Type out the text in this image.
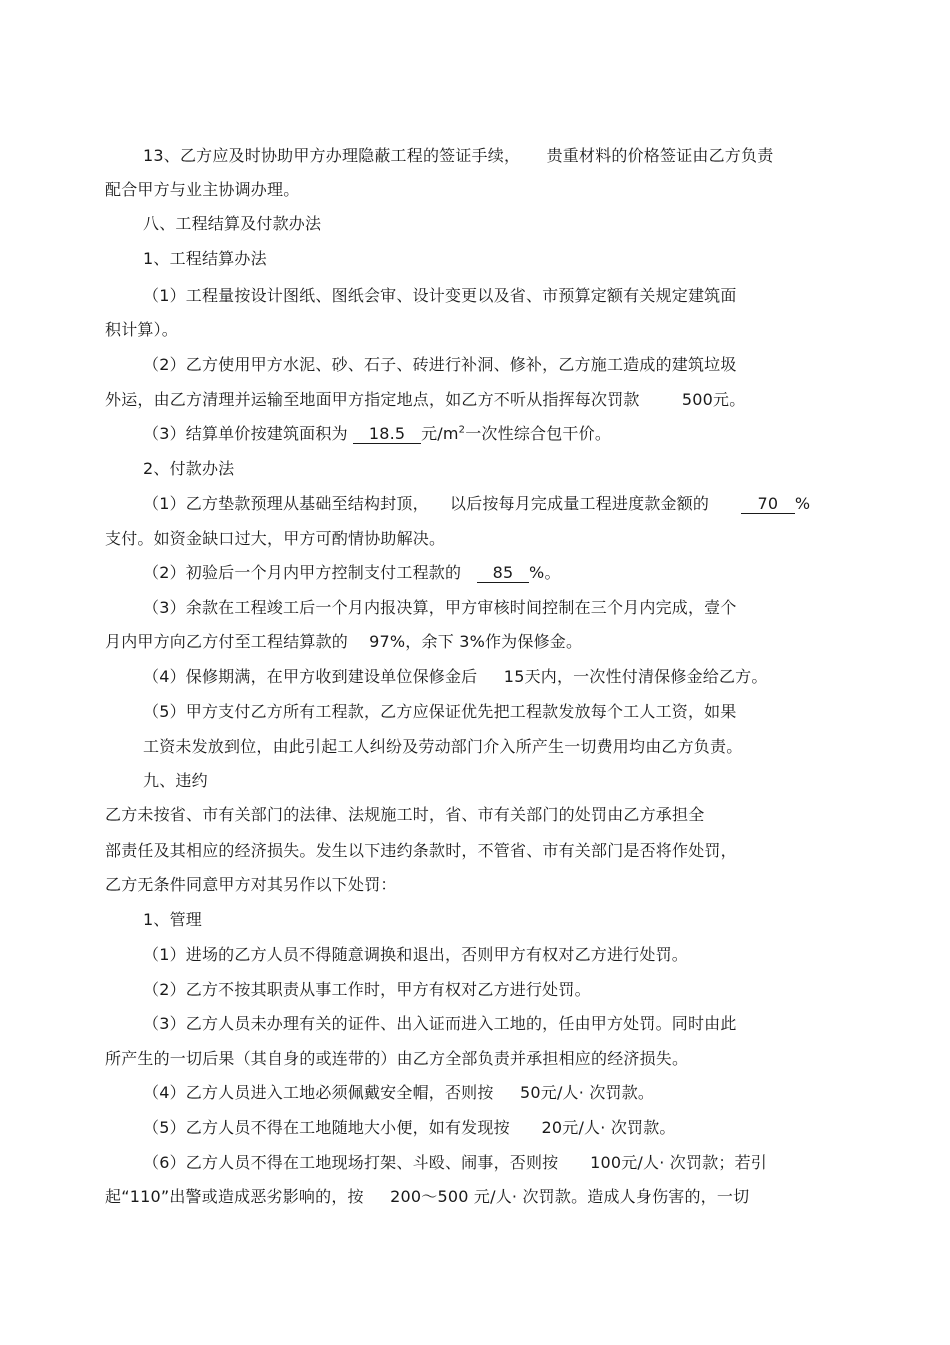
13、乙方应及时协助甲方办理隐蔽工程的签证手续，     贵重材料的价格签证由乙方负责
配合甲方与业主协调办理。
八、工程结算及付款办法
1、工程结算办法
（1）工程量按设计图纸、图纸会审、设计变更以及省、市预算定额有关规定建筑面
积计算）。
（2）乙方使用甲方水泥、砂、石子、砖进行补洞、修补，乙方施工造成的建筑垃圾
外运，由乙方清理并运输至地面甲方指定地点，如乙方不听从指挥每次罚款        500元。
（3）结算单价按建筑面积为 18.5 元$/m^2$一次性综合包干价。
2、付款办法
（1）乙方垫款预理从基础至结构封顶，    以后按每月完成量工程进度款金额的	70 %
支付。如资金缺口过大，甲方可酌情协助解决。
（2）初验后一个月内甲方控制支付工程款的 85 %。
（3）余款在工程竣工后一个月内报决算，甲方审核时间控制在三个月内完成，壹个
月内甲方向乙方付至工程结算款的    97%，余下 3%作为保修金。
（4）保修期满，在甲方收到建设单位保修金后     15天内，一次性付清保修金给乙方。
（5）甲方支付乙方所有工程款，乙方应保证优先把工程款发放每个工人工资，如果
工资未发放到位，由此引起工人纠纷及劳动部门介入所产生一切费用均由乙方负责。
九、违约
乙方未按省、市有关部门的法律、法规施工时，省、市有关部门的处罚由乙方承担全
部责任及其相应的经济损失。发生以下违约条款时，不管省、市有关部门是否将作处罚，
乙方无条件同意甲方对其另作以下处罚：
1、管理
（1）进场的乙方人员不得随意调换和退出，否则甲方有权对乙方进行处罚。
（2）乙方不按其职责从事工作时，甲方有权对乙方进行处罚。
（3）乙方人员未办理有关的证件、出入证而进入工地的，任由甲方处罚。同时由此
所产生的一切后果（其自身的或连带的）由乙方全部负责并承担相应的经济损失。
（4）乙方人员进入工地必须佩戴安全帽，否则按     50元/人· 次罚款。
（5）乙方人员不得在工地随地大小便，如有发现按      20元/人· 次罚款。
（6）乙方人员不得在工地现场打架、斗殴、闹事，否则按      100元/人· 次罚款；若引
起“110”出警或造成恶劣影响的，按     200～500 元/人· 次罚款。造成人身伤害的，一切
